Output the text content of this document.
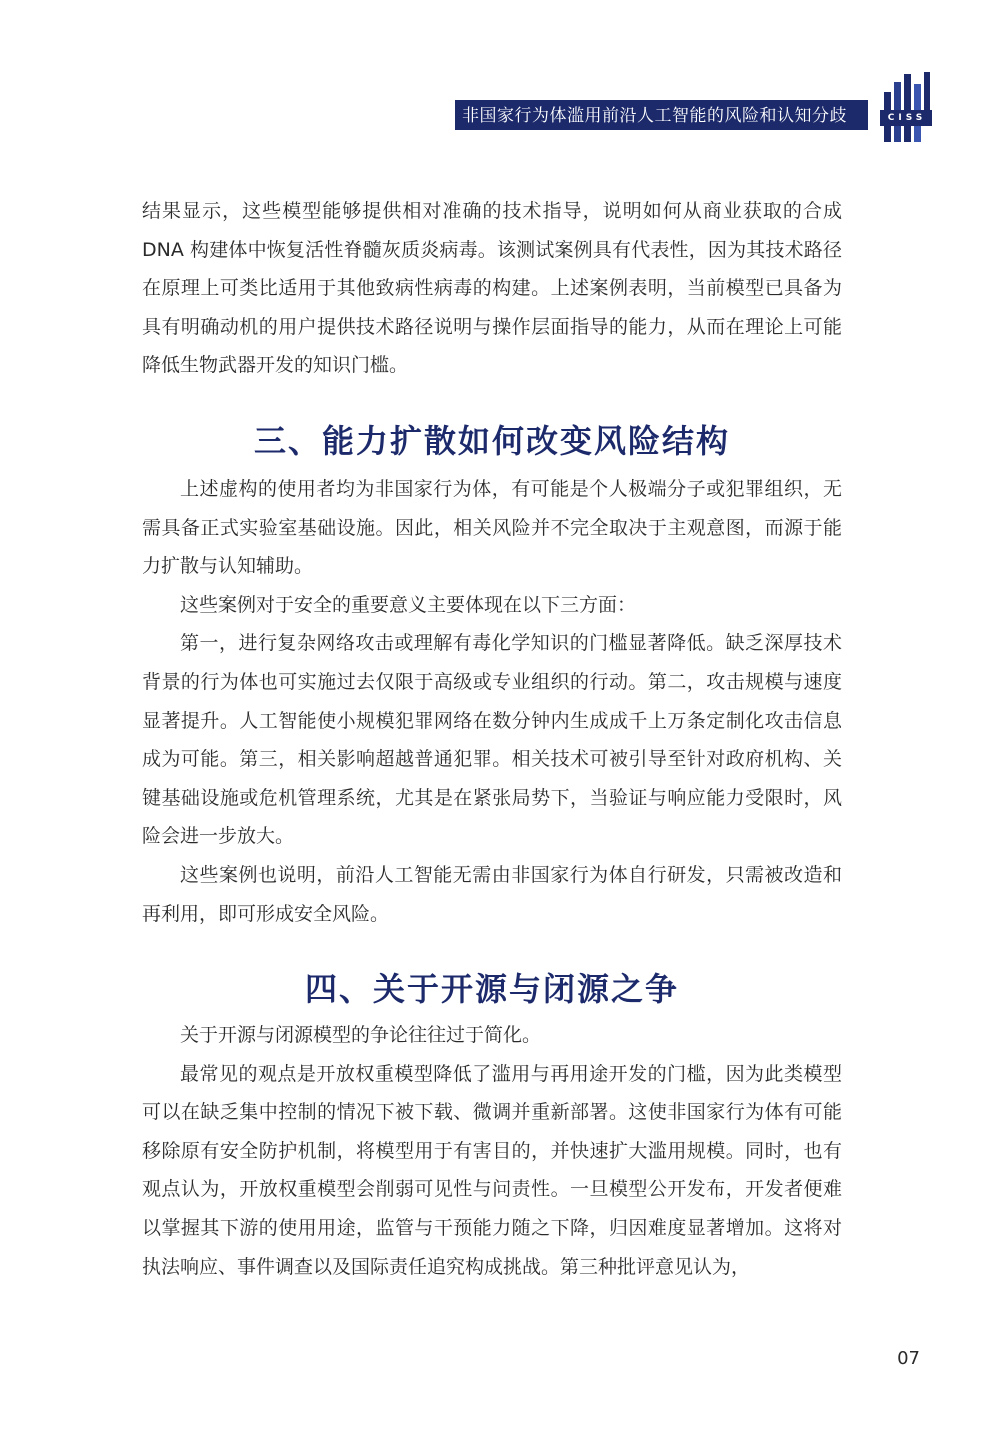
非国家行为体滥用前沿人工智能的风险和认知分歧	CISS

结果显示，这些模型能够提供相对准确的技术指导，说明如何从商业获取的合成DNA 构建体中恢复活性脊髓灰质炎病毒。该测试案例具有代表性，因为其技术路径在原理上可类比适用于其他致病性病毒的构建。上述案例表明，当前模型已具备为具有明确动机的用户提供技术路径说明与操作层面指导的能力，从而在理论上可能降低生物武器开发的知识门槛。

三、能力扩散如何改变风险结构

上述虚构的使用者均为非国家行为体，有可能是个人极端分子或犯罪组织，无需具备正式实验室基础设施。因此，相关风险并不完全取决于主观意图，而源于能力扩散与认知辅助。

这些案例对于安全的重要意义主要体现在以下三方面：

第一，进行复杂网络攻击或理解有毒化学知识的门槛显著降低。缺乏深厚技术背景的行为体也可实施过去仅限于高级或专业组织的行动。第二，攻击规模与速度显著提升。人工智能使小规模犯罪网络在数分钟内生成成千上万条定制化攻击信息成为可能。第三，相关影响超越普通犯罪。相关技术可被引导至针对政府机构、关键基础设施或危机管理系统，尤其是在紧张局势下，当验证与响应能力受限时，风险会进一步放大。

这些案例也说明，前沿人工智能无需由非国家行为体自行研发，只需被改造和再利用，即可形成安全风险。

四、关于开源与闭源之争

关于开源与闭源模型的争论往往过于简化。

最常见的观点是开放权重模型降低了滥用与再用途开发的门槛，因为此类模型可以在缺乏集中控制的情况下被下载、微调并重新部署。这使非国家行为体有可能移除原有安全防护机制，将模型用于有害目的，并快速扩大滥用规模。同时，也有观点认为，开放权重模型会削弱可见性与问责性。一旦模型公开发布，开发者便难以掌握其下游的使用用途，监管与干预能力随之下降，归因难度显著增加。这将对执法响应、事件调查以及国际责任追究构成挑战。第三种批评意见认为，

07
